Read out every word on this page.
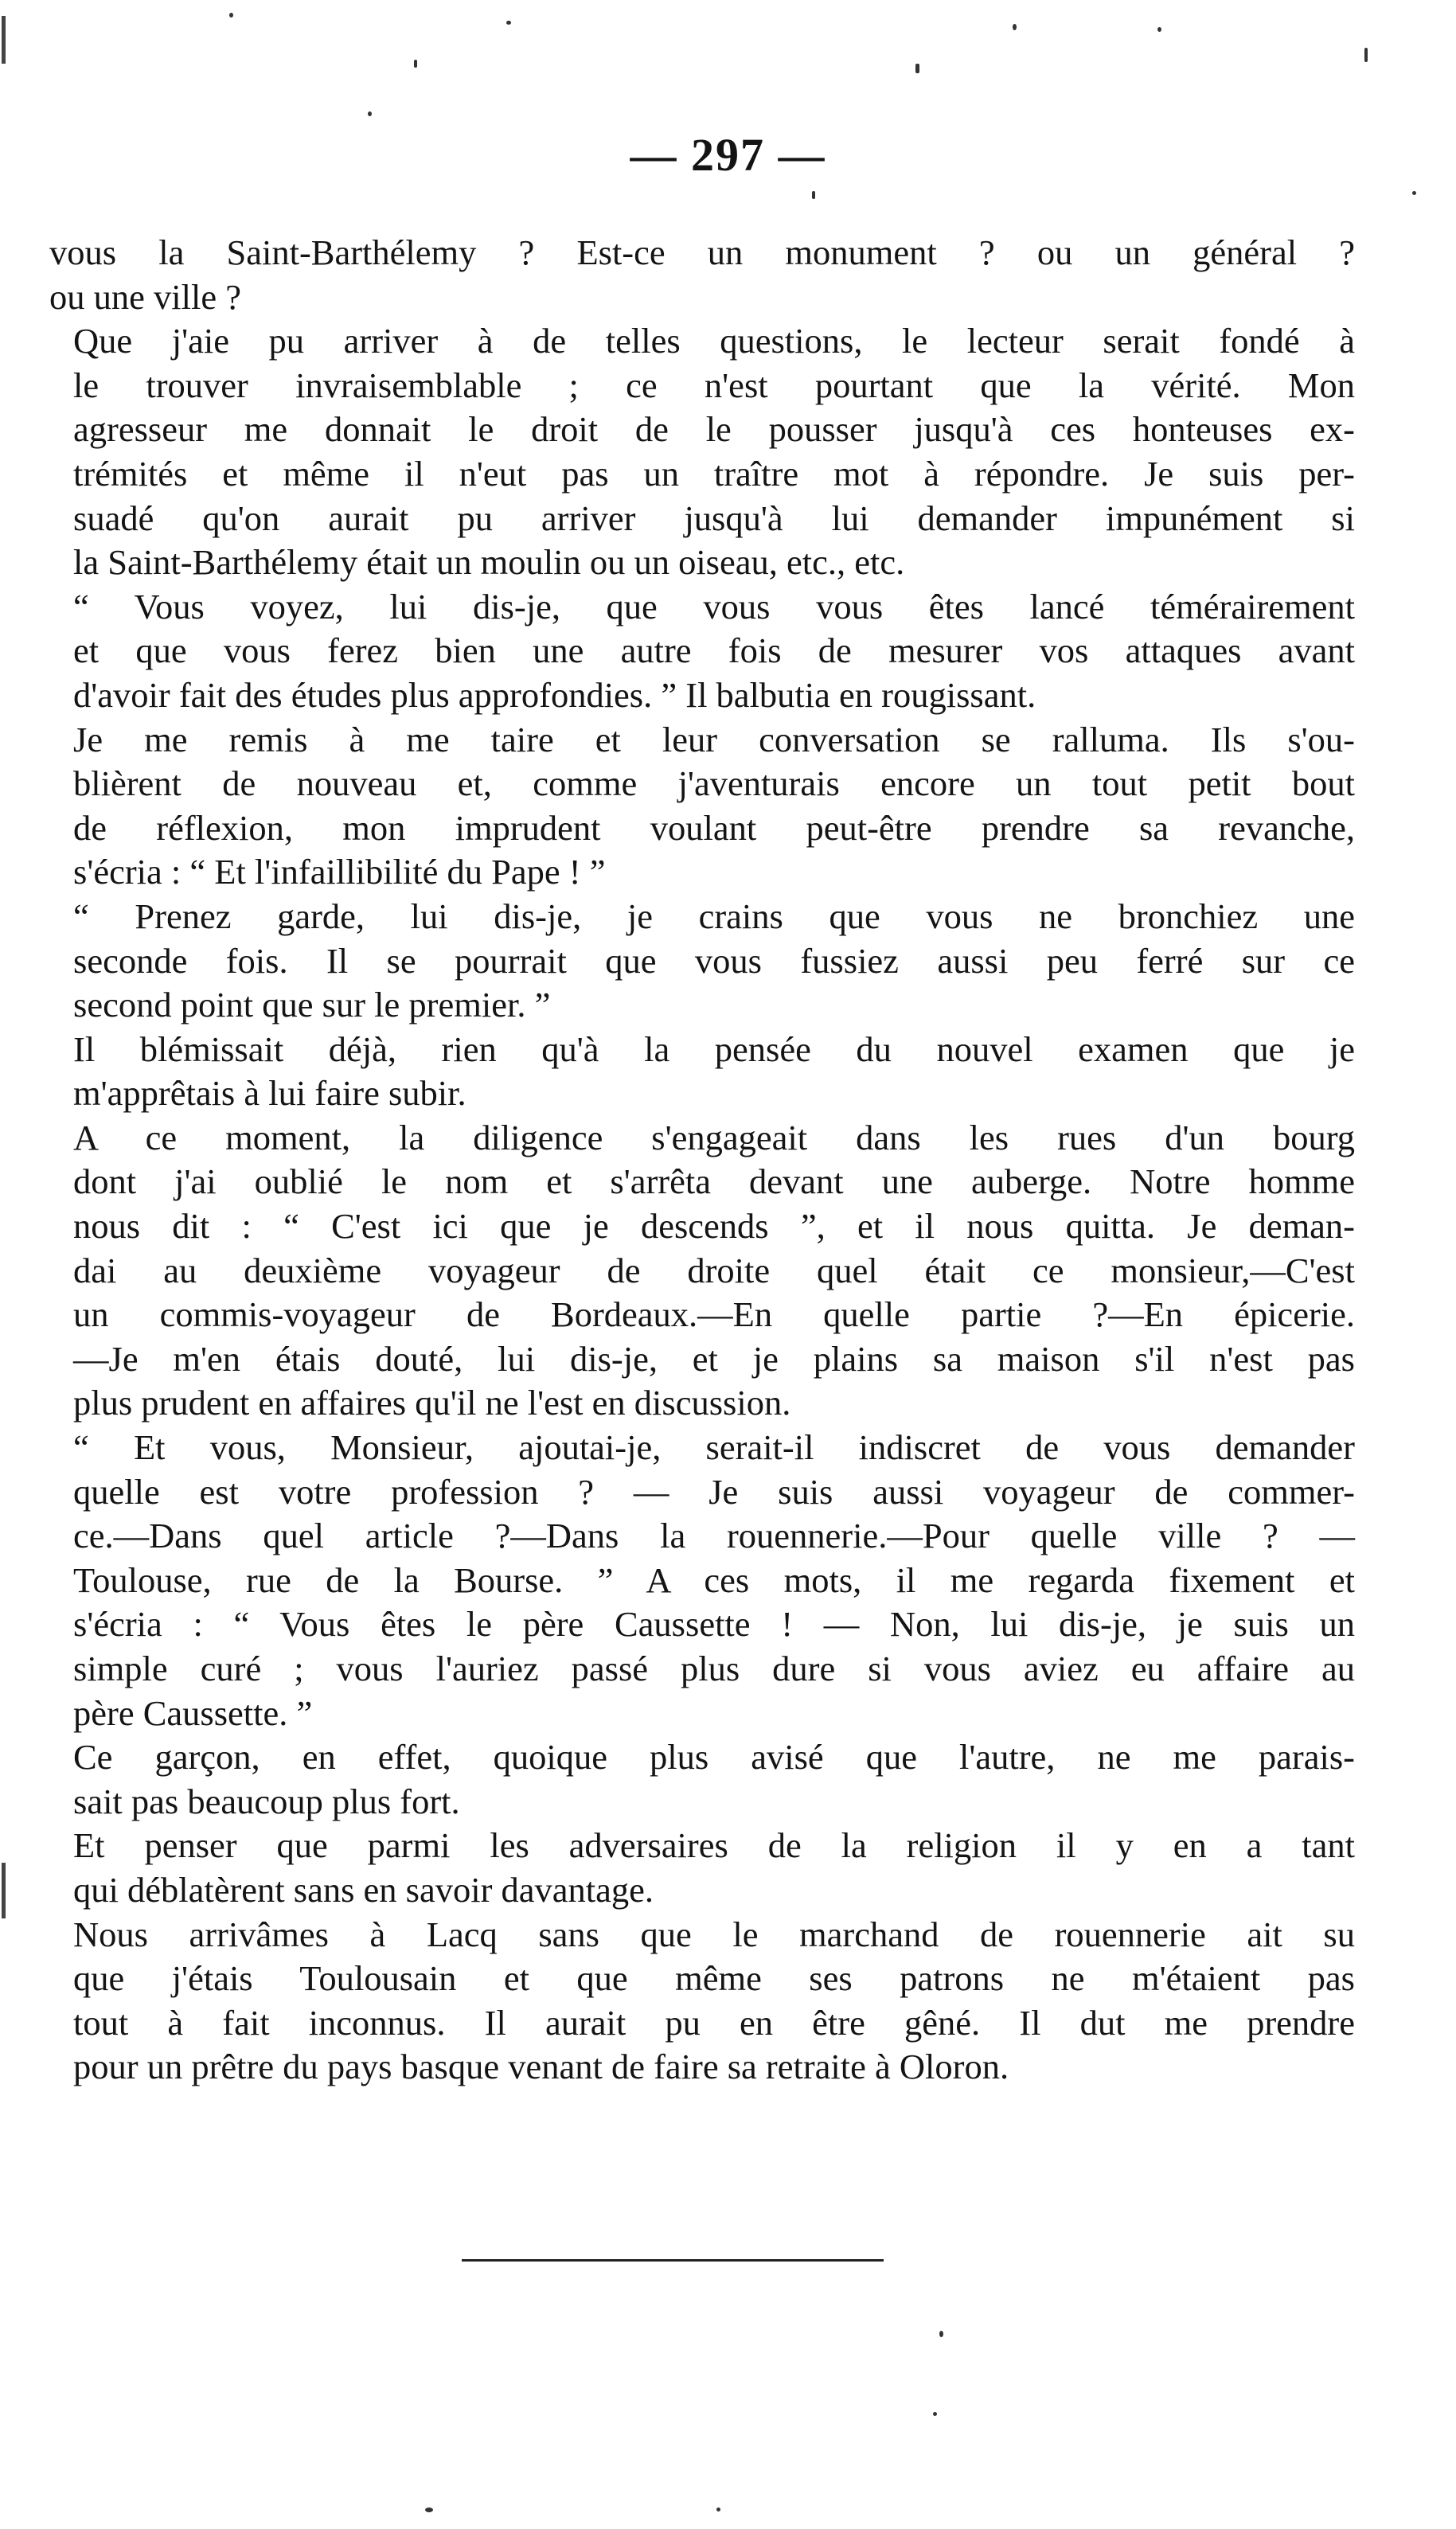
— 297 —

vous la Saint-Barthélemy ? Est-ce un monument ? ou un général ?
ou une ville ?

Que j'aie pu arriver à de telles questions, le lecteur serait fondé à
le trouver invraisemblable ; ce n'est pourtant que la vérité. Mon
agresseur me donnait le droit de le pousser jusqu'à ces honteuses ex-
trémités et même il n'eut pas un traître mot à répondre. Je suis per-
suadé qu'on aurait pu arriver jusqu'à lui demander impunément si
la Saint-Barthélemy était un moulin ou un oiseau, etc., etc.

“ Vous voyez, lui dis-je, que vous vous êtes lancé témérairement
et que vous ferez bien une autre fois de mesurer vos attaques avant
d'avoir fait des études plus approfondies. ” Il balbutia en rougissant.

Je me remis à me taire et leur conversation se ralluma. Ils s'ou-
blièrent de nouveau et, comme j'aventurais encore un tout petit bout
de réflexion, mon imprudent voulant peut-être prendre sa revanche,
s'écria : “ Et l'infaillibilité du Pape ! ”

“ Prenez garde, lui dis-je, je crains que vous ne bronchiez une
seconde fois. Il se pourrait que vous fussiez aussi peu ferré sur ce
second point que sur le premier. ”

Il blémissait déjà, rien qu'à la pensée du nouvel examen que je
m'apprêtais à lui faire subir.

A ce moment, la diligence s'engageait dans les rues d'un bourg
dont j'ai oublié le nom et s'arrêta devant une auberge. Notre homme
nous dit : “ C'est ici que je descends ”, et il nous quitta. Je deman-
dai au deuxième voyageur de droite quel était ce monsieur,—C'est
un commis-voyageur de Bordeaux.—En quelle partie ?—En épicerie.
—Je m'en étais douté, lui dis-je, et je plains sa maison s'il n'est pas
plus prudent en affaires qu'il ne l'est en discussion.

“ Et vous, Monsieur, ajoutai-je, serait-il indiscret de vous demander
quelle est votre profession ? — Je suis aussi voyageur de commer-
ce.—Dans quel article ?—Dans la rouennerie.—Pour quelle ville ? —
Toulouse, rue de la Bourse. ” A ces mots, il me regarda fixement et
s'écria : “ Vous êtes le père Caussette ! — Non, lui dis-je, je suis un
simple curé ; vous l'auriez passé plus dure si vous aviez eu affaire au
père Caussette. ”

Ce garçon, en effet, quoique plus avisé que l'autre, ne me parais-
sait pas beaucoup plus fort.

Et penser que parmi les adversaires de la religion il y en a tant
qui déblatèrent sans en savoir davantage.

Nous arrivâmes à Lacq sans que le marchand de rouennerie ait su
que j'étais Toulousain et que même ses patrons ne m'étaient pas
tout à fait inconnus. Il aurait pu en être gêné. Il dut me prendre
pour un prêtre du pays basque venant de faire sa retraite à Oloron.
